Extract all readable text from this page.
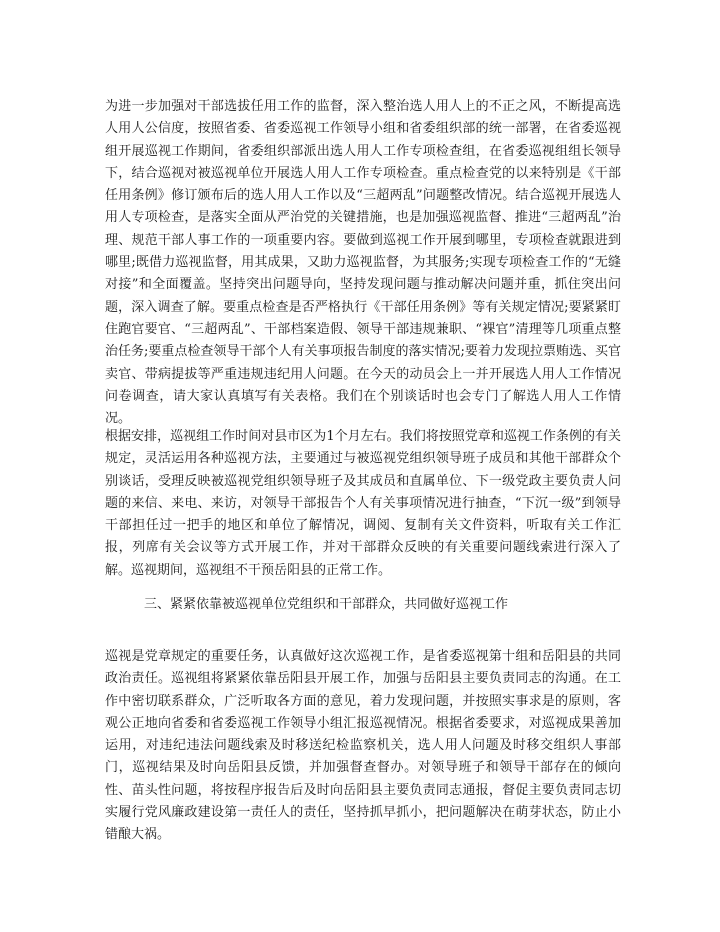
为进一步加强对干部选拔任用工作的监督，深入整治选人用人上的不正之风，不断提高选人用人公信度，按照省委、省委巡视工作领导小组和省委组织部的统一部署，在省委巡视组开展巡视工作期间，省委组织部派出选人用人工作专项检查组，在省委巡视组组长领导下，结合巡视对被巡视单位开展选人用人工作专项检查。重点检查党的以来特别是《干部任用条例》修订颁布后的选人用人工作以及“三超两乱”问题整改情况。结合巡视开展选人用人专项检查，是落实全面从严治党的关键措施，也是加强巡视监督、推进“三超两乱”治理、规范干部人事工作的一项重要内容。要做到巡视工作开展到哪里，专项检查就跟进到哪里;既借力巡视监督，用其成果，又助力巡视监督，为其服务;实现专项检查工作的“无缝对接”和全面覆盖。坚持突出问题导向，坚持发现问题与推动解决问题并重，抓住突出问题，深入调查了解。要重点检查是否严格执行《干部任用条例》等有关规定情况;要紧紧盯住跑官要官、“三超两乱”、干部档案造假、领导干部违规兼职、“裸官”清理等几项重点整治任务;要重点检查领导干部个人有关事项报告制度的落实情况;要着力发现拉票贿选、买官卖官、带病提拔等严重违规违纪用人问题。在今天的动员会上一并开展选人用人工作情况问卷调查，请大家认真填写有关表格。我们在个别谈话时也会专门了解选人用人工作情况。

根据安排，巡视组工作时间对县市区为1个月左右。我们将按照党章和巡视工作条例的有关规定，灵活运用各种巡视方法，主要通过与被巡视党组织领导班子成员和其他干部群众个别谈话，受理反映被巡视党组织领导班子及其成员和直属单位、下一级党政主要负责人问题的来信、来电、来访，对领导干部报告个人有关事项情况进行抽查，“下沉一级”到领导干部担任过一把手的地区和单位了解情况，调阅、复制有关文件资料，听取有关工作汇报，列席有关会议等方式开展工作，并对干部群众反映的有关重要问题线索进行深入了解。巡视期间，巡视组不干预岳阳县的正常工作。

三、紧紧依靠被巡视单位党组织和干部群众，共同做好巡视工作

巡视是党章规定的重要任务，认真做好这次巡视工作，是省委巡视第十组和岳阳县的共同政治责任。巡视组将紧紧依靠岳阳县开展工作，加强与岳阳县主要负责同志的沟通。在工作中密切联系群众，广泛听取各方面的意见，着力发现问题，并按照实事求是的原则，客观公正地向省委和省委巡视工作领导小组汇报巡视情况。根据省委要求，对巡视成果善加运用，对违纪违法问题线索及时移送纪检监察机关，选人用人问题及时移交组织人事部门，巡视结果及时向岳阳县反馈，并加强督查督办。对领导班子和领导干部存在的倾向性、苗头性问题，将按程序报告后及时向岳阳县主要负责同志通报，督促主要负责同志切实履行党风廉政建设第一责任人的责任，坚持抓早抓小，把问题解决在萌芽状态，防止小错酿大祸。
